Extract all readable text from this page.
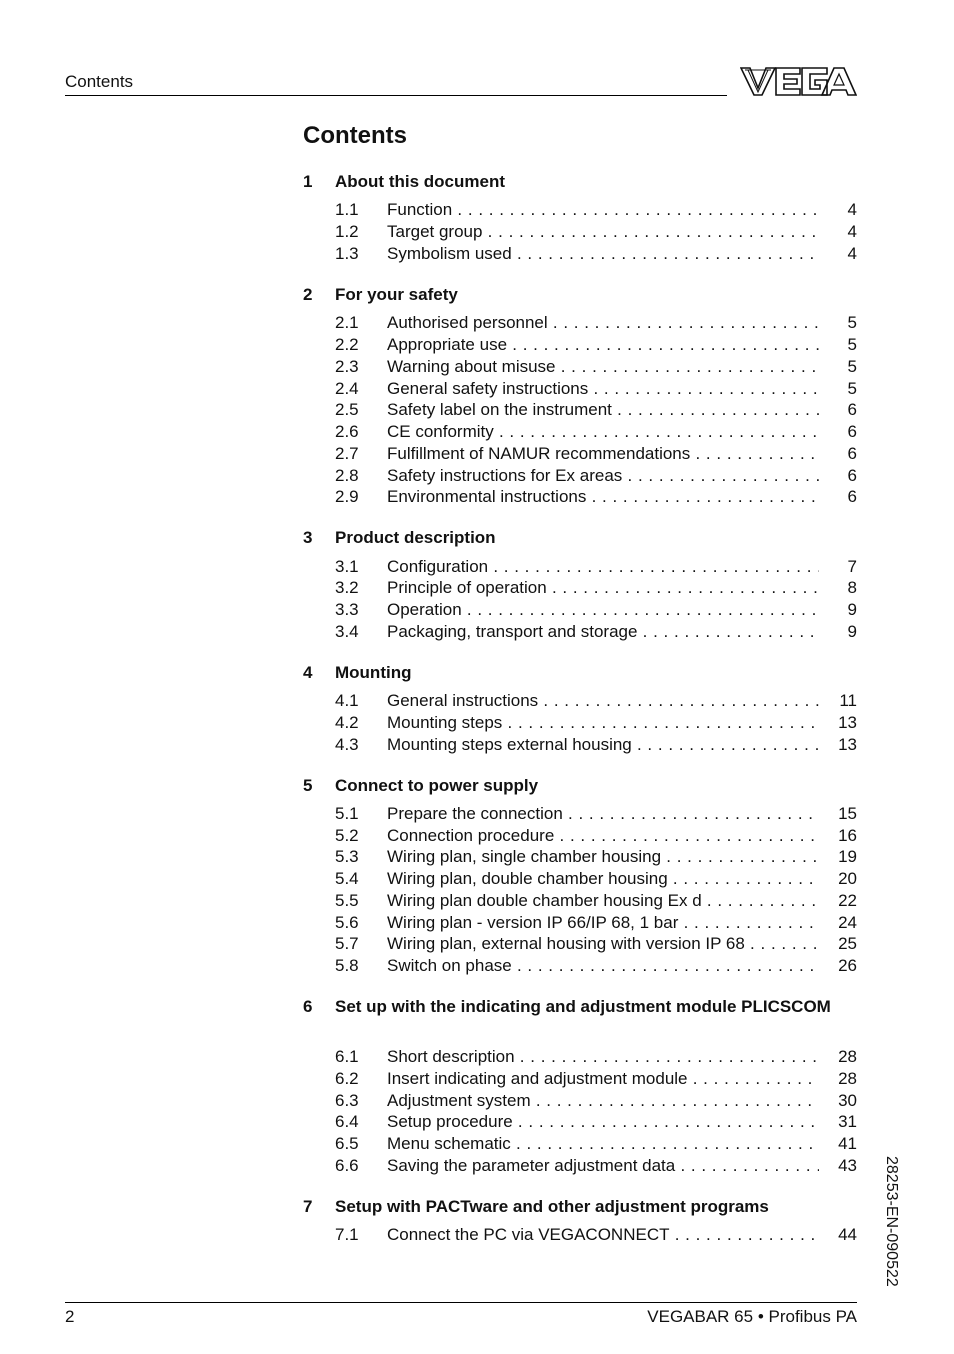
Contents
Contents
1 About this document
1.1	Function . . .	4
1.2	Target group . . .	4
1.3	Symbolism used . . .	4
2 For your safety
2.1	Authorised personnel . . .	5
2.2	Appropriate use . . .	5
2.3	Warning about misuse . . .	5
2.4	General safety instructions . . .	5
2.5	Safety label on the instrument . . .	6
2.6	CE conformity . . .	6
2.7	Fulfillment of NAMUR recommendations . . .	6
2.8	Safety instructions for Ex areas . . .	6
2.9	Environmental instructions . . .	6
3 Product description
3.1	Configuration . . .	7
3.2	Principle of operation . . .	8
3.3	Operation . . .	9
3.4	Packaging, transport and storage . . .	9
4 Mounting
4.1	General instructions . . .	11
4.2	Mounting steps . . .	13
4.3	Mounting steps external housing . . .	13
5 Connect to power supply
5.1	Prepare the connection . . .	15
5.2	Connection procedure . . .	16
5.3	Wiring plan, single chamber housing . . .	19
5.4	Wiring plan, double chamber housing . . .	20
5.5	Wiring plan double chamber housing Ex d . . .	22
5.6	Wiring plan - version IP 66/IP 68, 1 bar . . .	24
5.7	Wiring plan, external housing with version IP 68 . . .	25
5.8	Switch on phase . . .	26
6 Set up with the indicating and adjustment module PLICSCOM
6.1	Short description . . .	28
6.2	Insert indicating and adjustment module . . .	28
6.3	Adjustment system . . .	30
6.4	Setup procedure . . .	31
6.5	Menu schematic . . .	41
6.6	Saving the parameter adjustment data . . .	43
7 Setup with PACTware and other adjustment programs
7.1	Connect the PC via VEGACONNECT . . .	44	28253-EN-090522
2	VEGABAR 65 • Profibus PA
